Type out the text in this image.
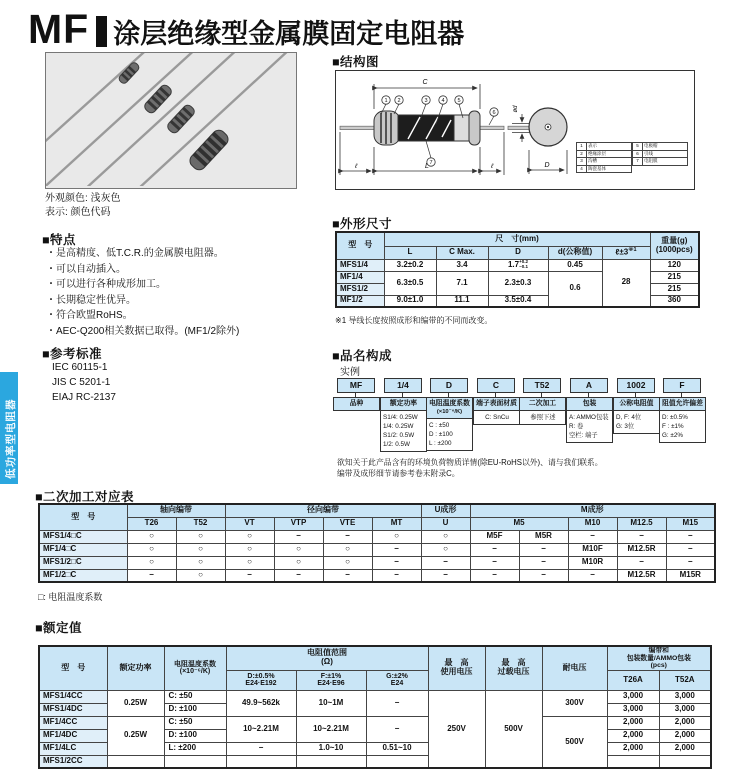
MF 涂层绝缘型金属膜固定电阻器
外观颜色: 浅灰色
表示: 颜色代码
■特点
・是高精度、低T.C.R.的金属膜电阻器。
・可以自动插入。
・可以进行各种成形加工。
・长期稳定性优异。
・符合欧盟RoHS。
・AEC-Q200相关数据已取得。(MF1/2除外)
■参考标准
IEC 60115-1
JIS C 5201-1
EIAJ RC-2137
低功率型电阻器
■结构图
C
ød
1 2	3 4 5
6
7
ℓ	L	ℓ	D
1	表示
2	绝缘涂层
3	沟槽
4	陶瓷基体
5	电极帽
6	引线
7	电阻膜
■外形尺寸
型　号	尺　寸(mm)					重量(g)
(1000pcs)
	L	C Max.	D	d(公称值)	$\ell\pm 3^{※1}$
MFS1/4	3.2±0.2	3.4	1.7 +0.2
−0.1	0.45	28	120
MF1/4	6.3±0.5	7.1	2.3±0.3	0.6		215
MFS1/2						215
MF1/2	9.0±1.0	11.1	3.5±0.4			360
※1 导线长度按照成形和编带的不同而改变。
■品名构成
实例
MF	1/4	D	C	T52	A	1002	F
品种	额定功率
S1/4: 0.25W
1/4: 0.25W
S1/2: 0.5W
1/2: 0.5W
电阻温度系数
(×10⁻⁶/K)
C : ±50
D : ±100
L : ±200
端子表面材质
C: SnCu
二次加工
参照下述
包装
A: AMMO包装
R: 卷
空栏: 端子
公称电阻值
D, F: 4位
G: 3位
阻值允许偏差
D: ±0.5%
F : ±1%
G: ±2%
欲知关于此产品含有的环境负荷物质详情(除EU-RoHS以外)、请与我们联系。
编带及成形细节请参考卷末附录C。
■二次加工对应表
型　号	轴向编带		径向编带				U成形	M成形				
	T26	T52	VT	VTP	VTE	MT	U	M5		M10	M12.5	M15
MFS1/4□C	○	○	○	−	−	○	○	M5F	M5R	−	−	−
MF1/4□C	○	○	○	○	○	−	○	−	−	M10F	M12.5R	−
MFS1/2□C	○	○	○	○	○	−	−	−	−	M10R	−	−
MF1/2□C	−	○	−	−	−	−	−	−	−	−	M12.5R	M15R
□: 电阻温度系数
■额定值
型　号	额定功率	电阻温度系数
(×10⁻⁶/K)	电阻值范围
(Ω)			最　高
使用电压	最　高
过载电压	耐电压	编带和
包装数量/AMMO包装
(pcs)	
			D:±0.5%
E24·E192	F:±1%
E24·E96	G:±2%
E24				T26A	T52A
MFS1/4CC	0.25W	C: ±50	49.9~562k	10~1M	−	250V	500V	300V	3,000	3,000
MFS1/4DC		D: ±100							3,000	3,000
MF1/4CC	0.25W	C: ±50	10~2.21M	10~2.21M	−			500V	2,000	2,000
MF1/4DC		D: ±100							2,000	2,000
MF1/4LC		L: ±200	−	1.0~10	0.51~10				2,000	2,000
MFS1/2CC										
